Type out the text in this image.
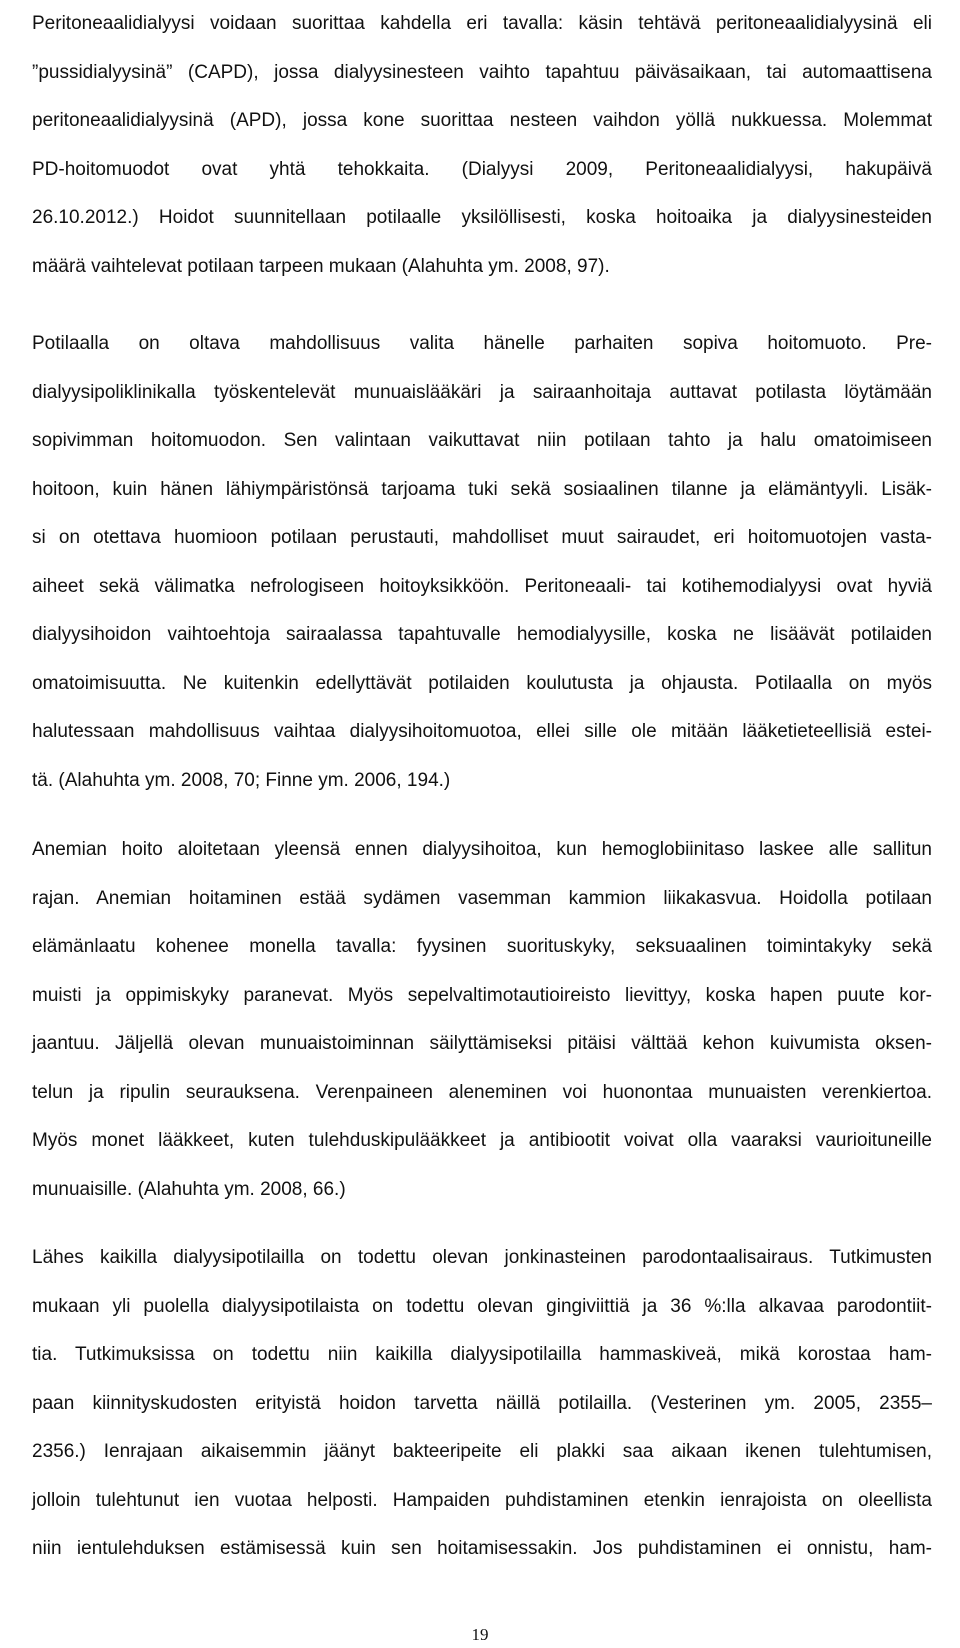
Peritoneaalidialyysi voidaan suorittaa kahdella eri tavalla: käsin tehtävä peritoneaalidialyysinä eli
”pussidialyysinä” (CAPD), jossa dialyysinesteen vaihto tapahtuu päiväsaikaan, tai automaattisena
peritoneaalidialyysinä (APD), jossa kone suorittaa nesteen vaihdon yöllä nukkuessa. Molemmat
PD-hoitomuodot ovat yhtä tehokkaita. (Dialyysi 2009, Peritoneaalidialyysi, hakupäivä
26.10.2012.) Hoidot suunnitellaan potilaalle yksilöllisesti, koska hoitoaika ja dialyysinesteiden
määrä vaihtelevat potilaan tarpeen mukaan (Alahuhta ym. 2008, 97).
Potilaalla on oltava mahdollisuus valita hänelle parhaiten sopiva hoitomuoto. Pre-
dialyysipoliklinikalla työskentelevät munuaislääkäri ja sairaanhoitaja auttavat potilasta löytämään
sopivimman hoitomuodon. Sen valintaan vaikuttavat niin potilaan tahto ja halu omatoimiseen
hoitoon, kuin hänen lähiympäristönsä tarjoama tuki sekä sosiaalinen tilanne ja elämäntyyli. Lisäk-
si on otettava huomioon potilaan perustauti, mahdolliset muut sairaudet, eri hoitomuotojen vasta-
aiheet sekä välimatka nefrologiseen hoitoyksikköön. Peritoneaali- tai kotihemodialyysi ovat hyviä
dialyysihoidon vaihtoehtoja sairaalassa tapahtuvalle hemodialyysille, koska ne lisäävät potilaiden
omatoimisuutta. Ne kuitenkin edellyttävät potilaiden koulutusta ja ohjausta. Potilaalla on myös
halutessaan mahdollisuus vaihtaa dialyysihoitomuotoa, ellei sille ole mitään lääketieteellisiä estei-
tä. (Alahuhta ym. 2008, 70; Finne ym. 2006, 194.)
Anemian hoito aloitetaan yleensä ennen dialyysihoitoa, kun hemoglobiinitaso laskee alle sallitun
rajan. Anemian hoitaminen estää sydämen vasemman kammion liikakasvua. Hoidolla potilaan
elämänlaatu kohenee monella tavalla: fyysinen suorituskyky, seksuaalinen toimintakyky sekä
muisti ja oppimiskyky paranevat. Myös sepelvaltimotautioireisto lievittyy, koska hapen puute kor-
jaantuu. Jäljellä olevan munuaistoiminnan säilyttämiseksi pitäisi välttää kehon kuivumista oksen-
telun ja ripulin seurauksena. Verenpaineen aleneminen voi huonontaa munuaisten verenkiertoa.
Myös monet lääkkeet, kuten tulehduskipulääkkeet ja antibiootit voivat olla vaaraksi vaurioituneille
munuaisille. (Alahuhta ym. 2008, 66.)
Lähes kaikilla dialyysipotilailla on todettu olevan jonkinasteinen parodontaalisairaus. Tutkimusten
mukaan yli puolella dialyysipotilaista on todettu olevan gingiviittiä ja 36 %:lla alkavaa parodontiit-
tia. Tutkimuksissa on todettu niin kaikilla dialyysipotilailla hammaskiveä, mikä korostaa ham-
paan kiinnityskudosten erityistä hoidon tarvetta näillä potilailla. (Vesterinen ym. 2005, 2355–
2356.) Ienrajaan aikaisemmin jäänyt bakteeripeite eli plakki saa aikaan ikenen tulehtumisen,
jolloin tulehtunut ien vuotaa helposti. Hampaiden puhdistaminen etenkin ienrajoista on oleellista
niin ientulehduksen estämisessä kuin sen hoitamisessakin. Jos puhdistaminen ei onnistu, ham-
19
